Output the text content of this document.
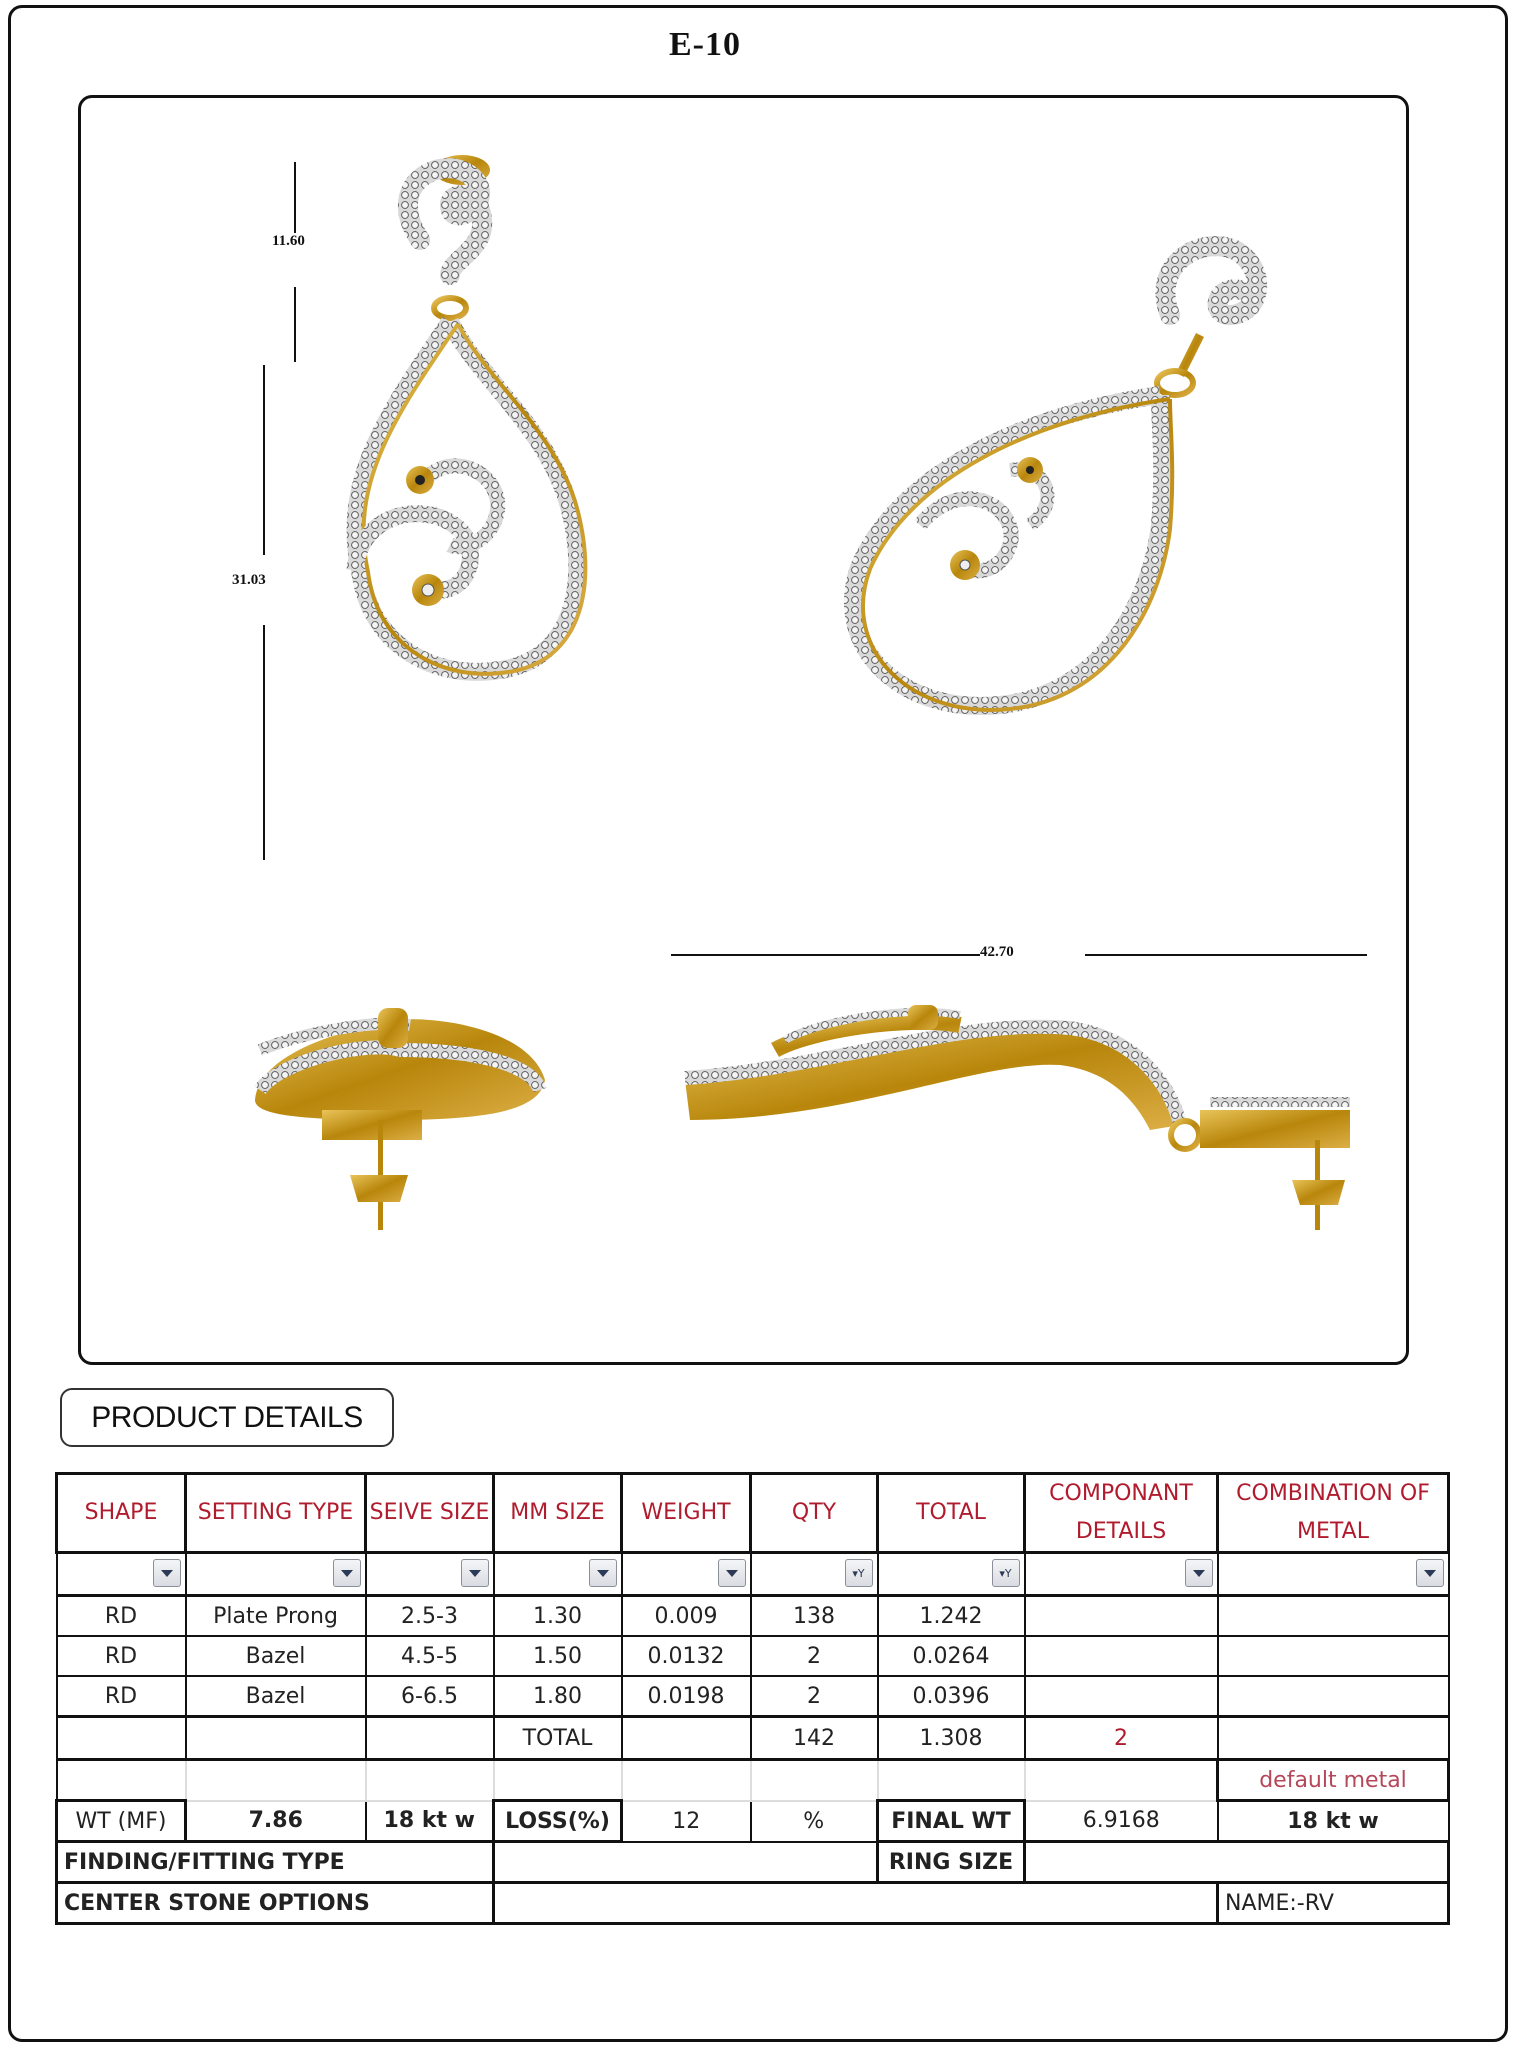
E-10
11.60
31.03
42.70
PRODUCT DETAILS
SHAPE	SETTING TYPE	SEIVE SIZE	MM SIZE	WEIGHT	QTY	TOTAL	COMPONANT DETAILS	COMBINATION OF METAL

					▾Y	▾Y		

RD	Plate Prong	2.5-3	1.30	0.009	138	1.242		
RD	Bazel	4.5-5	1.50	0.0132	2	0.0264		
RD	Bazel	6-6.5	1.80	0.0198	2	0.0396		
			TOTAL		142	1.308	2	
								default metal
WT (MF)	7.86	18 kt w	LOSS(%)	12	%	FINAL WT	6.9168	18 kt w
FINDING/FITTING TYPE						RING SIZE		
CENTER STONE OPTIONS								NAME:-RV
